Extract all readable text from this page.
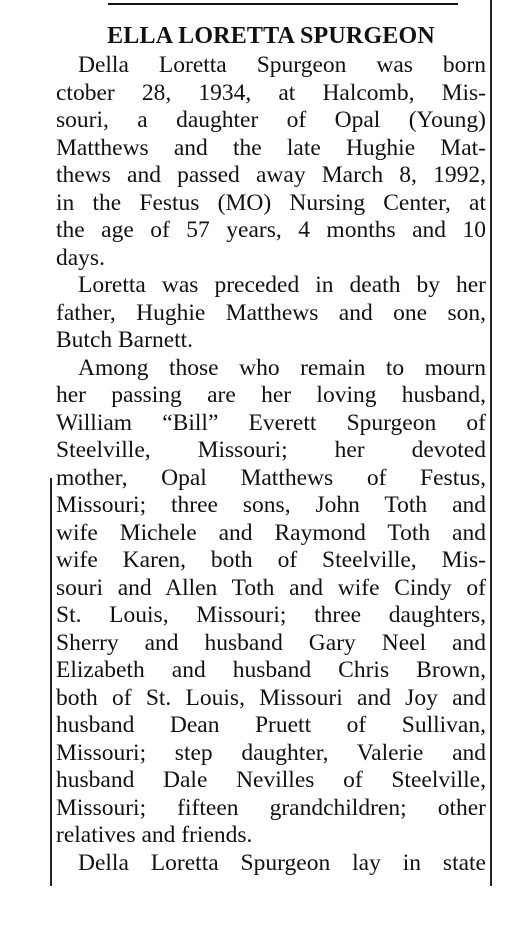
ELLA LORETTA SPURGEON
Della Loretta Spurgeon was born
ctober 28, 1934, at Halcomb, Mis-
souri, a daughter of Opal (Young)
Matthews and the late Hughie Mat-
thews and passed away March 8, 1992,
in the Festus (MO) Nursing Center, at
the age of 57 years, 4 months and 10
days.
Loretta was preceded in death by her
father, Hughie Matthews and one son,
Butch Barnett.
Among those who remain to mourn
her passing are her loving husband,
William “Bill” Everett Spurgeon of
Steelville, Missouri; her devoted
mother, Opal Matthews of Festus,
Missouri; three sons, John Toth and
wife Michele and Raymond Toth and
wife Karen, both of Steelville, Mis-
souri and Allen Toth and wife Cindy of
St. Louis, Missouri; three daughters,
Sherry and husband Gary Neel and
Elizabeth and husband Chris Brown,
both of St. Louis, Missouri and Joy and
husband Dean Pruett of Sullivan,
Missouri; step daughter, Valerie and
husband Dale Nevilles of Steelville,
Missouri; fifteen grandchildren; other
relatives and friends.
Della Loretta Spurgeon lay in state
